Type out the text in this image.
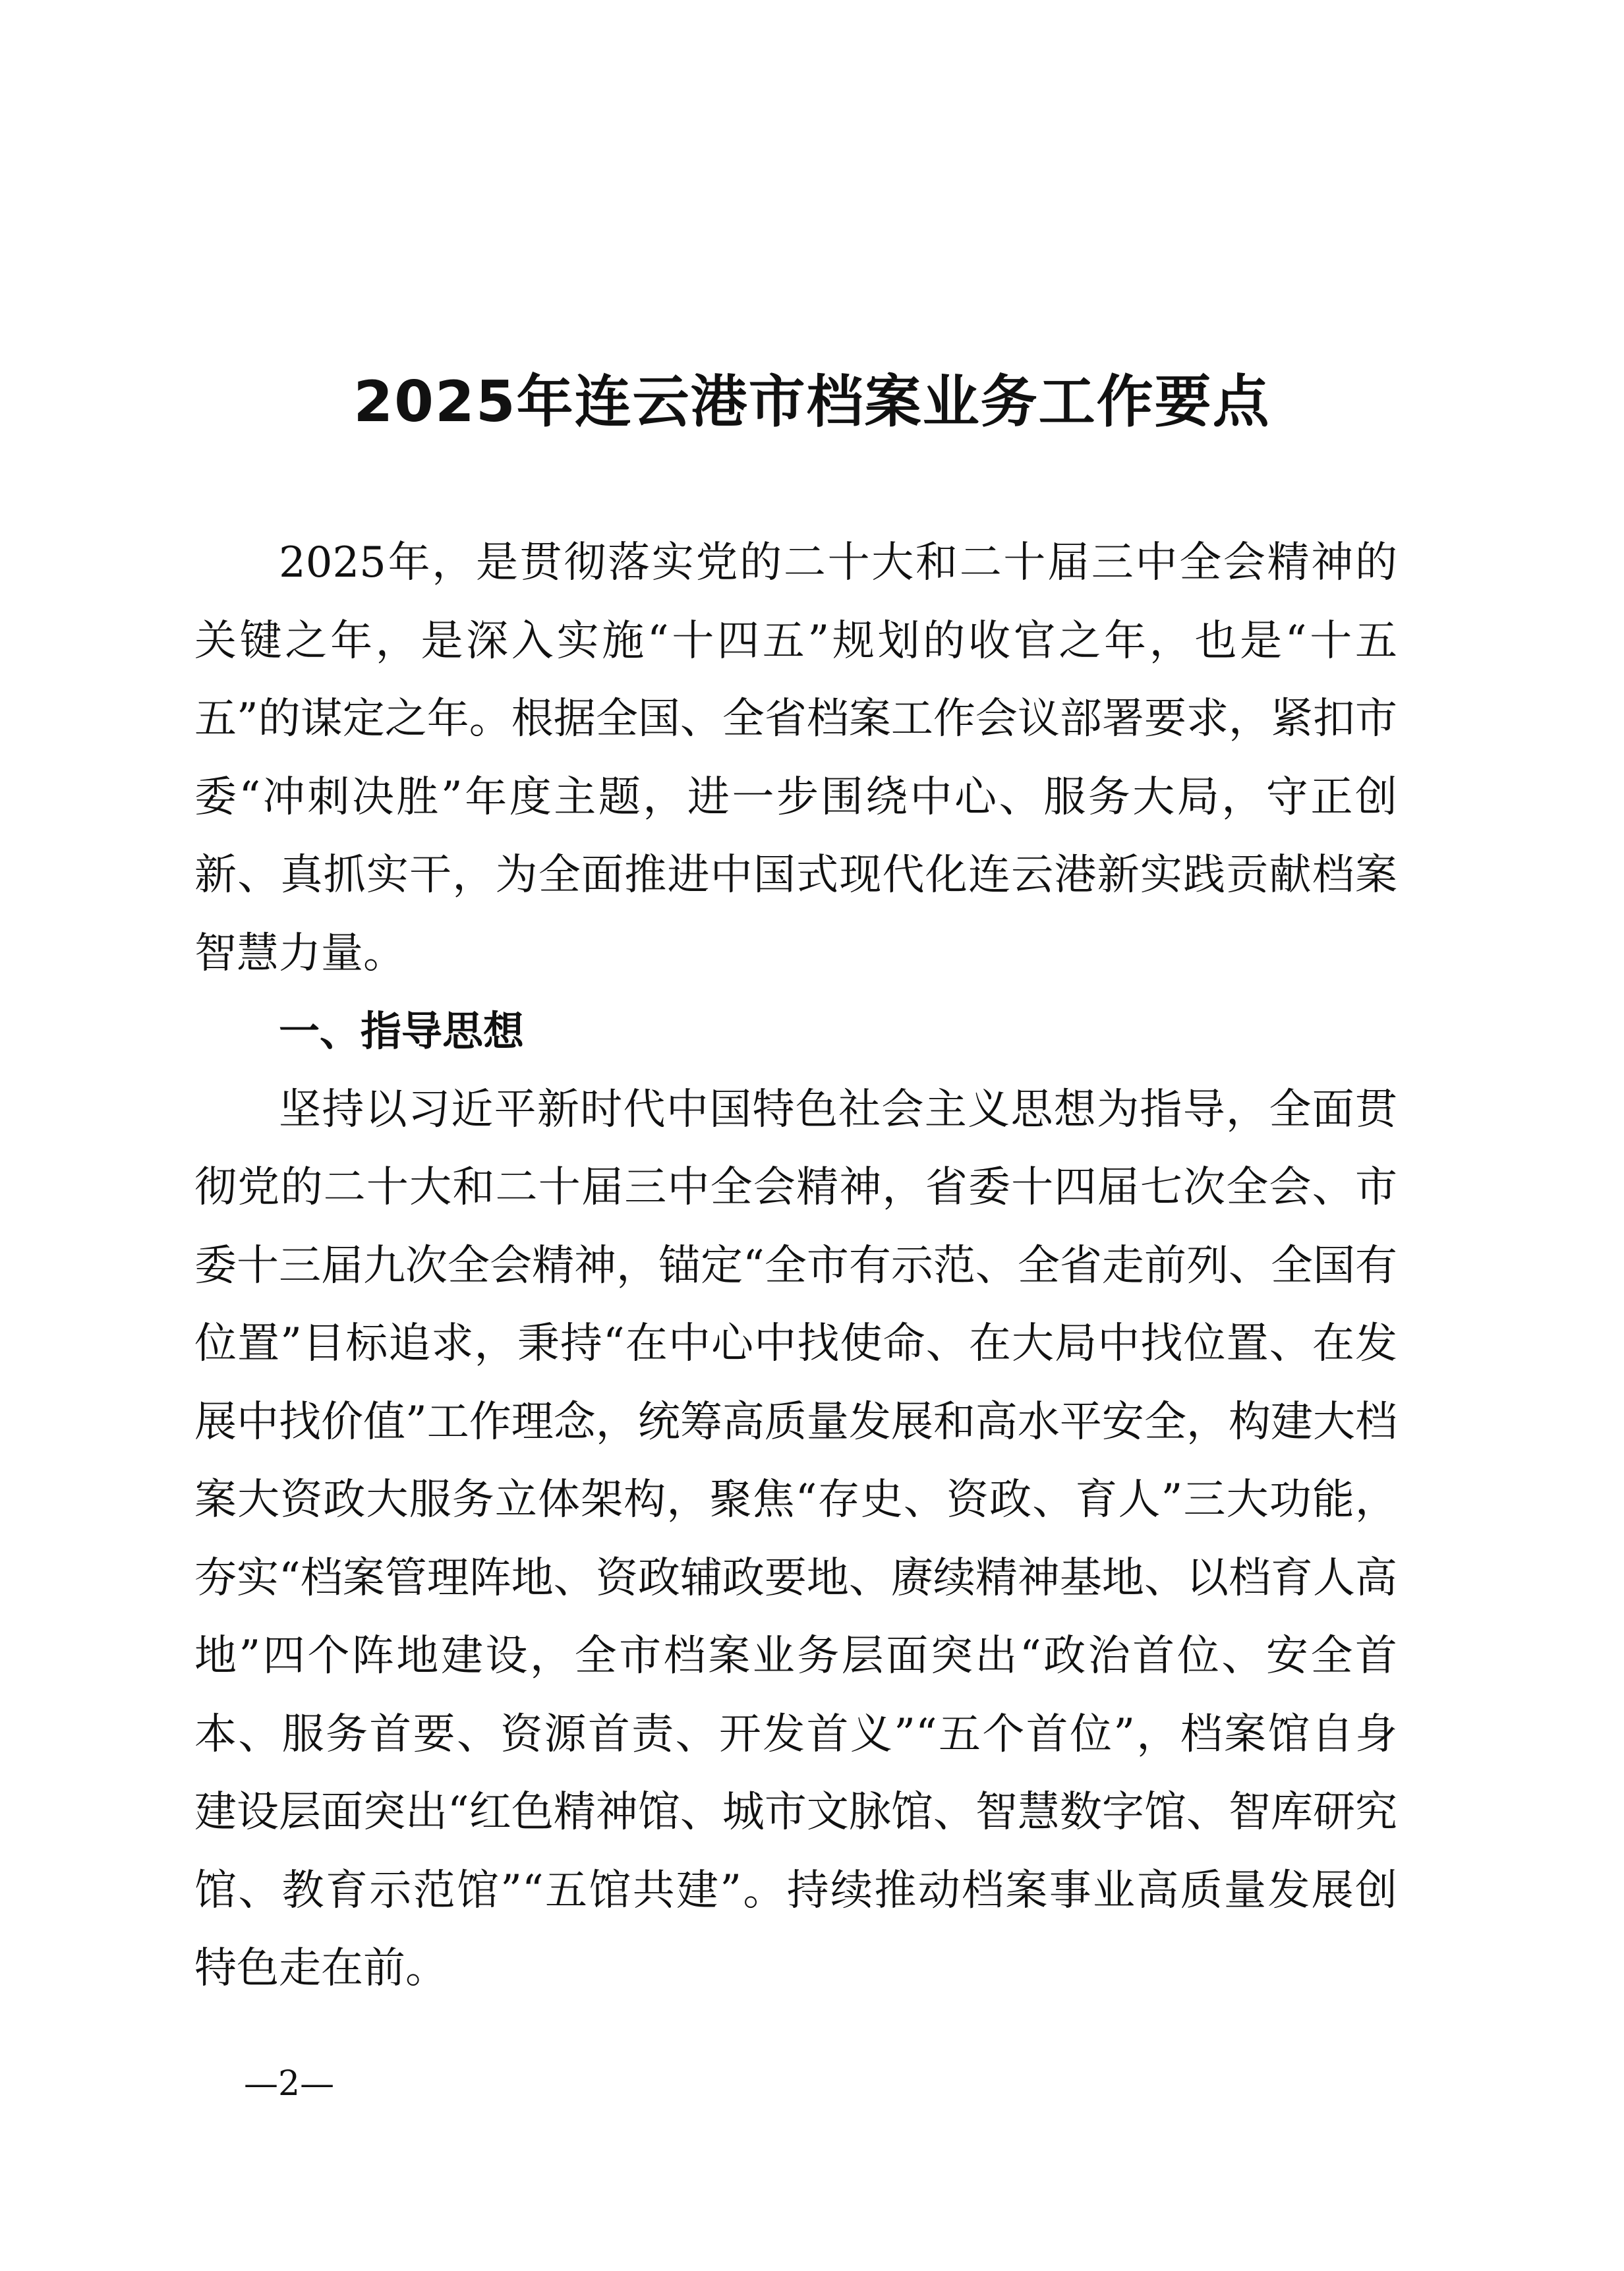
2025年连云港市档案业务工作要点

2025年，是贯彻落实党的二十大和二十届三中全会精神的关键之年，是深入实施“十四五”规划的收官之年，也是“十五五”的谋定之年。根据全国、全省档案工作会议部署要求，紧扣市委“冲刺决胜”年度主题，进一步围绕中心、服务大局，守正创新、真抓实干，为全面推进中国式现代化连云港新实践贡献档案智慧力量。

一、指导思想

坚持以习近平新时代中国特色社会主义思想为指导，全面贯彻党的二十大和二十届三中全会精神，省委十四届七次全会、市委十三届九次全会精神，锚定“全市有示范、全省走前列、全国有位置”目标追求，秉持“在中心中找使命、在大局中找位置、在发展中找价值”工作理念，统筹高质量发展和高水平安全，构建大档案大资政大服务立体架构，聚焦“存史、资政、育人”三大功能，夯实“档案管理阵地、资政辅政要地、赓续精神基地、以档育人高地”四个阵地建设，全市档案业务层面突出“政治首位、安全首本、服务首要、资源首责、开发首义”“五个首位”，档案馆自身建设层面突出“红色精神馆、城市文脉馆、智慧数字馆、智库研究馆、教育示范馆”“五馆共建”。持续推动档案事业高质量发展创特色走在前。

—2—
